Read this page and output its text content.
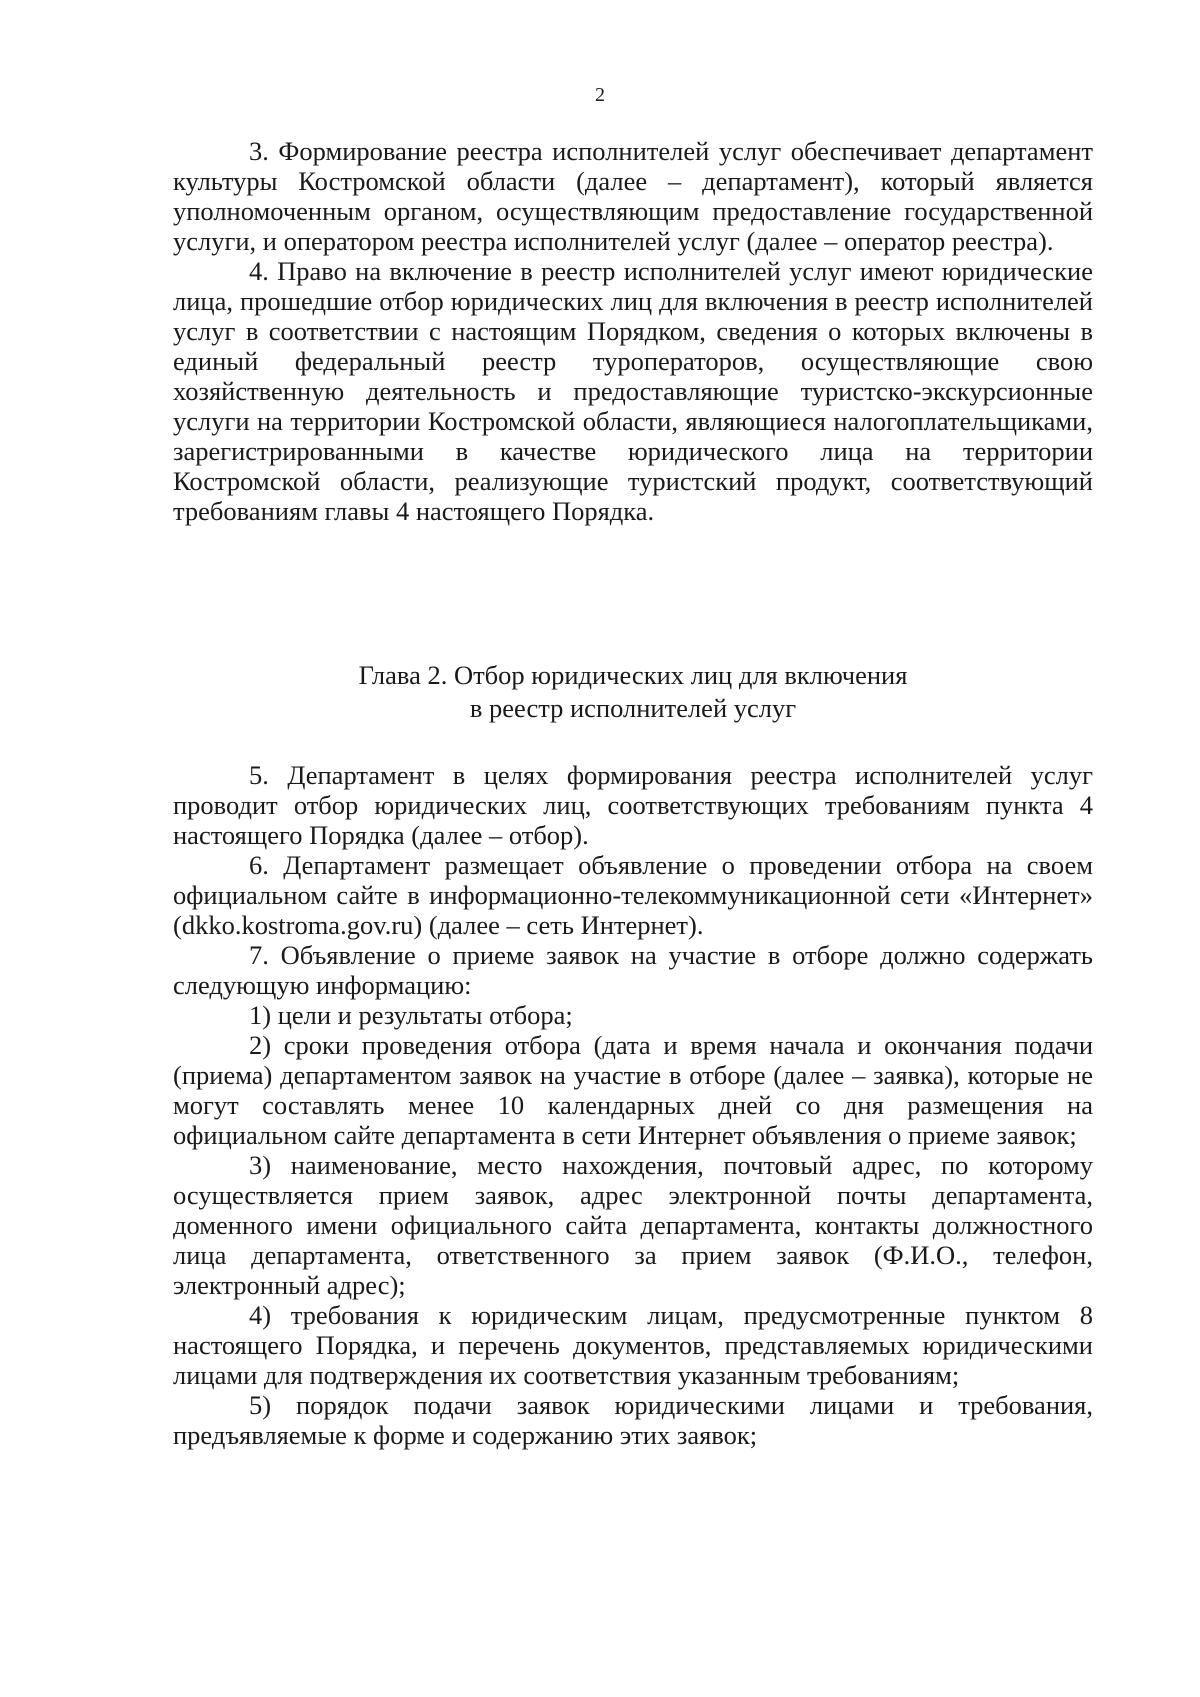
2

3. Формирование реестра исполнителей услуг обеспечивает департамент культуры Костромской области (далее – департамент), который является уполномоченным органом, осуществляющим предоставление государственной услуги, и оператором реестра исполнителей услуг (далее – оператор реестра).

4. Право на включение в реестр исполнителей услуг имеют юридические лица, прошедшие отбор юридических лиц для включения в реестр исполнителей услуг в соответствии с настоящим Порядком, сведения о которых включены в единый федеральный реестр туроператоров, осуществляющие свою хозяйственную деятельность и предоставляющие туристско-экскурсионные услуги на территории Костромской области, являющиеся налогоплательщиками, зарегистрированными в качестве юридического лица на территории Костромской области, реализующие туристский продукт, соответствующий требованиям главы 4 настоящего Порядка.

Глава 2. Отбор юридических лиц для включения
в реестр исполнителей услуг

5. Департамент в целях формирования реестра исполнителей услуг проводит отбор юридических лиц, соответствующих требованиям пункта 4 настоящего Порядка (далее – отбор).

6. Департамент размещает объявление о проведении отбора на своем официальном сайте в информационно-телекоммуникационной сети «Интернет» (dkko.kostroma.gov.ru) (далее – сеть Интернет).

7. Объявление о приеме заявок на участие в отборе должно содержать следующую информацию:

1) цели и результаты отбора;

2) сроки проведения отбора (дата и время начала и окончания подачи (приема) департаментом заявок на участие в отборе (далее – заявка), которые не могут составлять менее 10 календарных дней со дня размещения на официальном сайте департамента в сети Интернет объявления о приеме заявок;

3) наименование, место нахождения, почтовый адрес, по которому осуществляется прием заявок, адрес электронной почты департамента, доменного имени официального сайта департамента, контакты должностного лица департамента, ответственного за прием заявок (Ф.И.О., телефон, электронный адрес);

4) требования к юридическим лицам, предусмотренные пунктом 8 настоящего Порядка, и перечень документов, представляемых юридическими лицами для подтверждения их соответствия указанным требованиям;

5) порядок подачи заявок юридическими лицами и требования, предъявляемые к форме и содержанию этих заявок;
